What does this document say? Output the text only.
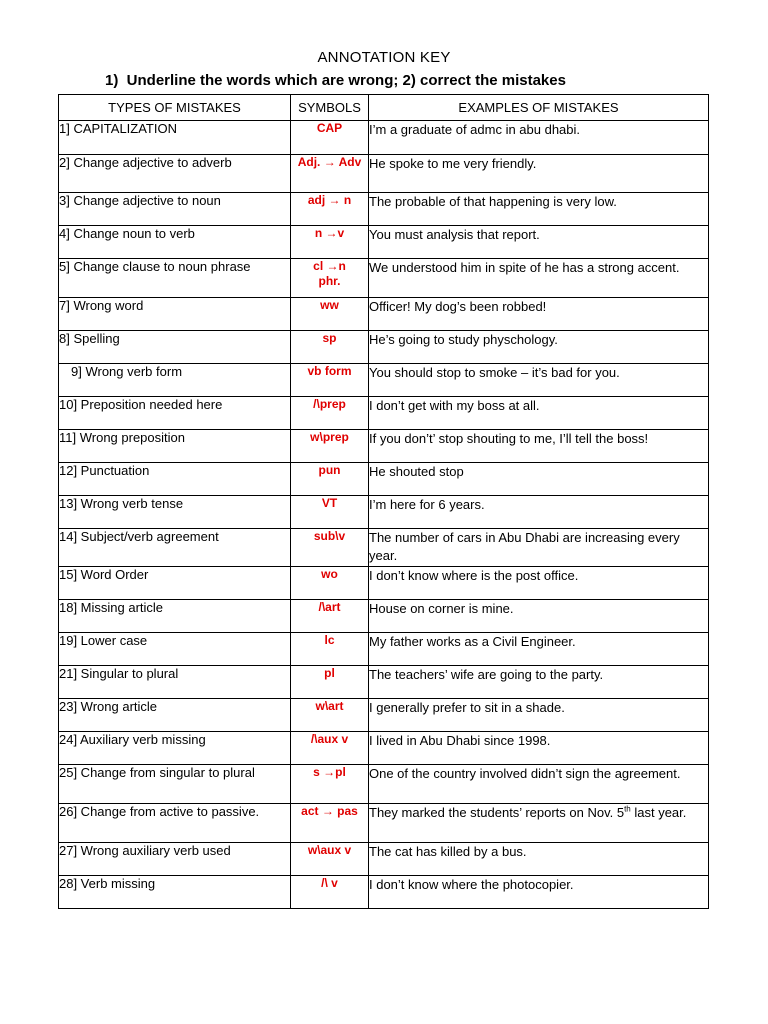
ANNOTATION KEY
1)  Underline the words which are wrong; 2) correct the mistakes
TYPES OF MISTAKES	SYMBOLS	EXAMPLES OF MISTAKES
1] CAPITALIZATION	CAP	I’m a graduate of admc in abu dhabi.
2] Change adjective to adverb	Adj. → Adv	He spoke to me very friendly.
3] Change adjective to noun	adj → n	The probable of that happening is very low.
4] Change noun to verb	n →v	You must analysis that report.
5] Change clause to noun phrase	cl →n phr.	We understood him in spite of he has a strong accent.
7] Wrong word	ww	Officer! My dog’s been robbed!
8] Spelling	sp	He’s going to study physchology.
9] Wrong verb form	vb form	You should stop to smoke – it’s bad for you.
10] Preposition needed here	/\prep	I don’t get with my boss at all.
11] Wrong preposition	w\prep	If you don’t’ stop shouting to me, I’ll tell the boss!
12] Punctuation	pun	He shouted stop
13] Wrong verb tense	VT	I’m here for 6 years.
14] Subject/verb agreement	sub\v	The number of cars in Abu Dhabi are increasing every year.
15] Word Order	wo	I don’t know where is the post office.
18] Missing article	/\art	House on corner is mine.
19] Lower case	lc	My father works as a Civil Engineer.
21] Singular to plural	pl	The teachers’ wife are going to the party.
23] Wrong article	w\art	I generally prefer to sit in a shade.
24] Auxiliary verb missing	/\aux v	I lived in Abu Dhabi since 1998.
25] Change from singular to plural	s →pl	One of the country involved didn’t sign the agreement.
26] Change from active to passive.	act → pas	They marked the students’ reports on Nov. 5th last year.
27] Wrong auxiliary verb used	w\aux v	The cat has killed by a bus.
28] Verb missing	/\ v	I don’t know where the photocopier.
